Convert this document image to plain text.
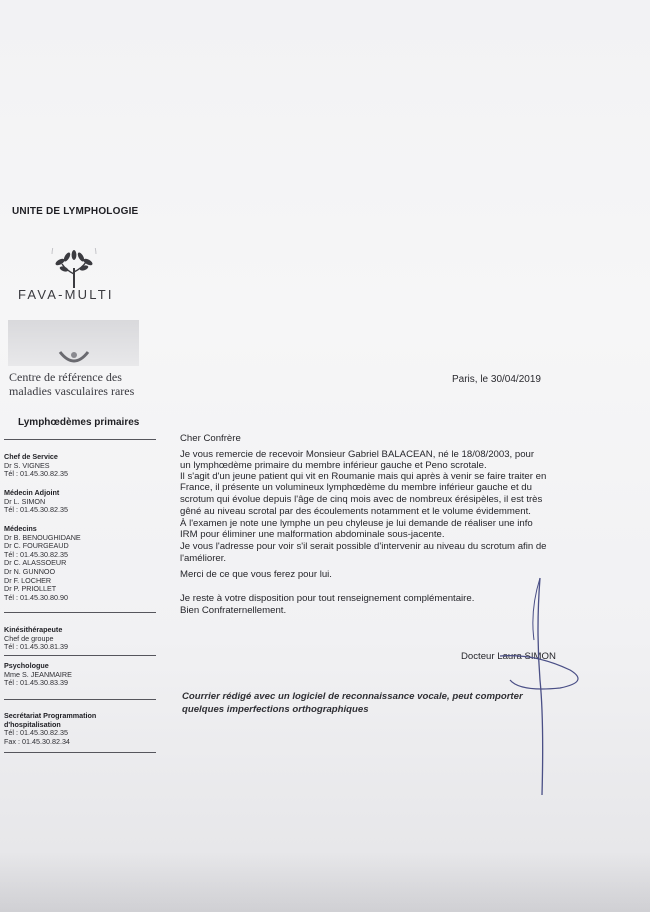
UNITE DE LYMPHOLOGIE
FAVA-MULTI
Centre de référence des
maladies vasculaires rares
Lymphœdèmes primaires
Chef de Service
Dr S. VIGNES
Tél : 01.45.30.82.35
Médecin Adjoint
Dr L. SIMON
Tél : 01.45.30.82.35
Médecins
Dr B. BENOUGHIDANE
Dr C. FOURGEAUD
Tél : 01.45.30.82.35
Dr C. ALASSOEUR
Dr N. GUNNOO
Dr F. LOCHER
Dr P. PRIOLLET
Tél : 01.45.30.80.90
Kinésithérapeute
Chef de groupe
Tél : 01.45.30.81.39
Psychologue
Mme S. JEANMAIRE
Tél : 01.45.30.83.39
Secrétariat Programmation
d'hospitalisation
Tél : 01.45.30.82.35
Fax : 01.45.30.82.34
Paris, le 30/04/2019
Cher Confrère
Je vous remercie de recevoir Monsieur Gabriel BALACEAN, né le 18/08/2003, pour
un lymphœdème primaire du membre inférieur gauche et Peno scrotale.
Il s'agit d'un jeune patient qui vit en Roumanie mais qui après à venir se faire traiter en
France, il présente un volumineux lymphœdème du membre inférieur gauche et du
scrotum qui évolue depuis l'âge de cinq mois avec de nombreux érésipèles, il est très
gêné au niveau scrotal par des écoulements notamment et le volume évidemment.
À l'examen je note une lymphe un peu chyleuse je lui demande de réaliser une info
IRM pour éliminer une malformation abdominale sous-jacente.
Je vous l'adresse pour voir s'il serait possible d'intervenir au niveau du scrotum afin de
l'améliorer.
Merci de ce que vous ferez pour lui.
Je reste à votre disposition pour tout renseignement complémentaire.
Bien Confraternellement.
Docteur Laura SIMON
Courrier rédigé avec un logiciel de reconnaissance vocale, peut comporter
quelques imperfections orthographiques
